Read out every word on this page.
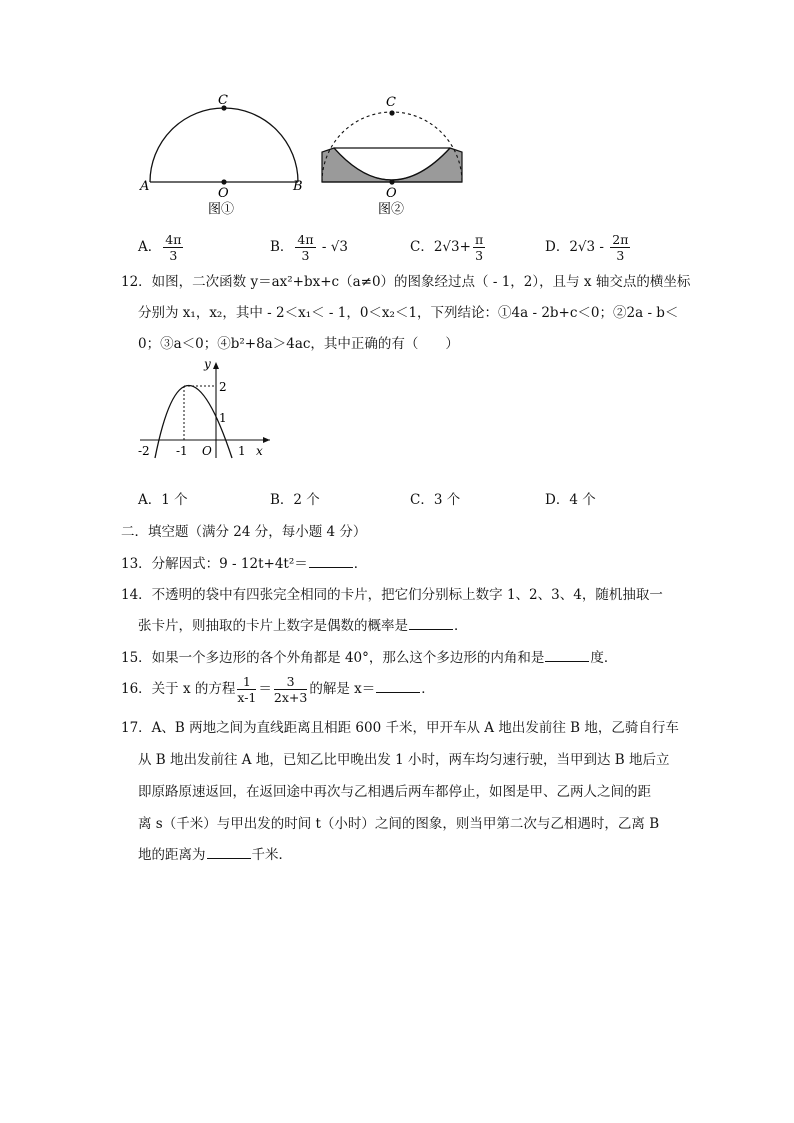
C
A	O	B
图①
C
O
图②
A． $\frac{4\pi}{3}$	B． $\frac{4\pi}{3} - √3$	C．$2√3+ \frac{\pi}{3}$	D．$2√3 - \frac{2\pi}{3}$
12．如图，二次函数 y＝ax²+bx+c（a≠0）的图象经过点（ - 1，2），且与 x 轴交点的横坐标
分别为 x₁，x₂，其中 - 2＜x₁＜ - 1，0＜x₂＜1，下列结论：①4a - 2b+c＜0；②2a - b＜
0；③a＜0；④b²+8a＞4ac，其中正确的有（　　）
y
2
1
-2 -1 O 1 x
A．1 个	B．2 个	C．3 个	D．4 个
二．填空题（满分 24 分，每小题 4 分）
13．分解因式：9 - 12t+4t²＝	．
14．不透明的袋中有四张完全相同的卡片，把它们分别标上数字 1、2、3、4，随机抽取一
张卡片，则抽取的卡片上数字是偶数的概率是	．
15．如果一个多边形的各个外角都是 40°，那么这个多边形的内角和是	度．
16．关于 x 的方程 $\frac{1}{x-1} = \frac{3}{2x+3}$ 的解是 x＝	．
17．A、B 两地之间为直线距离且相距 600 千米，甲开车从 A 地出发前往 B 地，乙骑自行车
从 B 地出发前往 A 地，已知乙比甲晚出发 1 小时，两车均匀速行驶，当甲到达 B 地后立
即原路原速返回，在返回途中再次与乙相遇后两车都停止，如图是甲、乙两人之间的距
离 s（千米）与甲出发的时间 t（小时）之间的图象，则当甲第二次与乙相遇时，乙离 B
地的距离为	千米．
